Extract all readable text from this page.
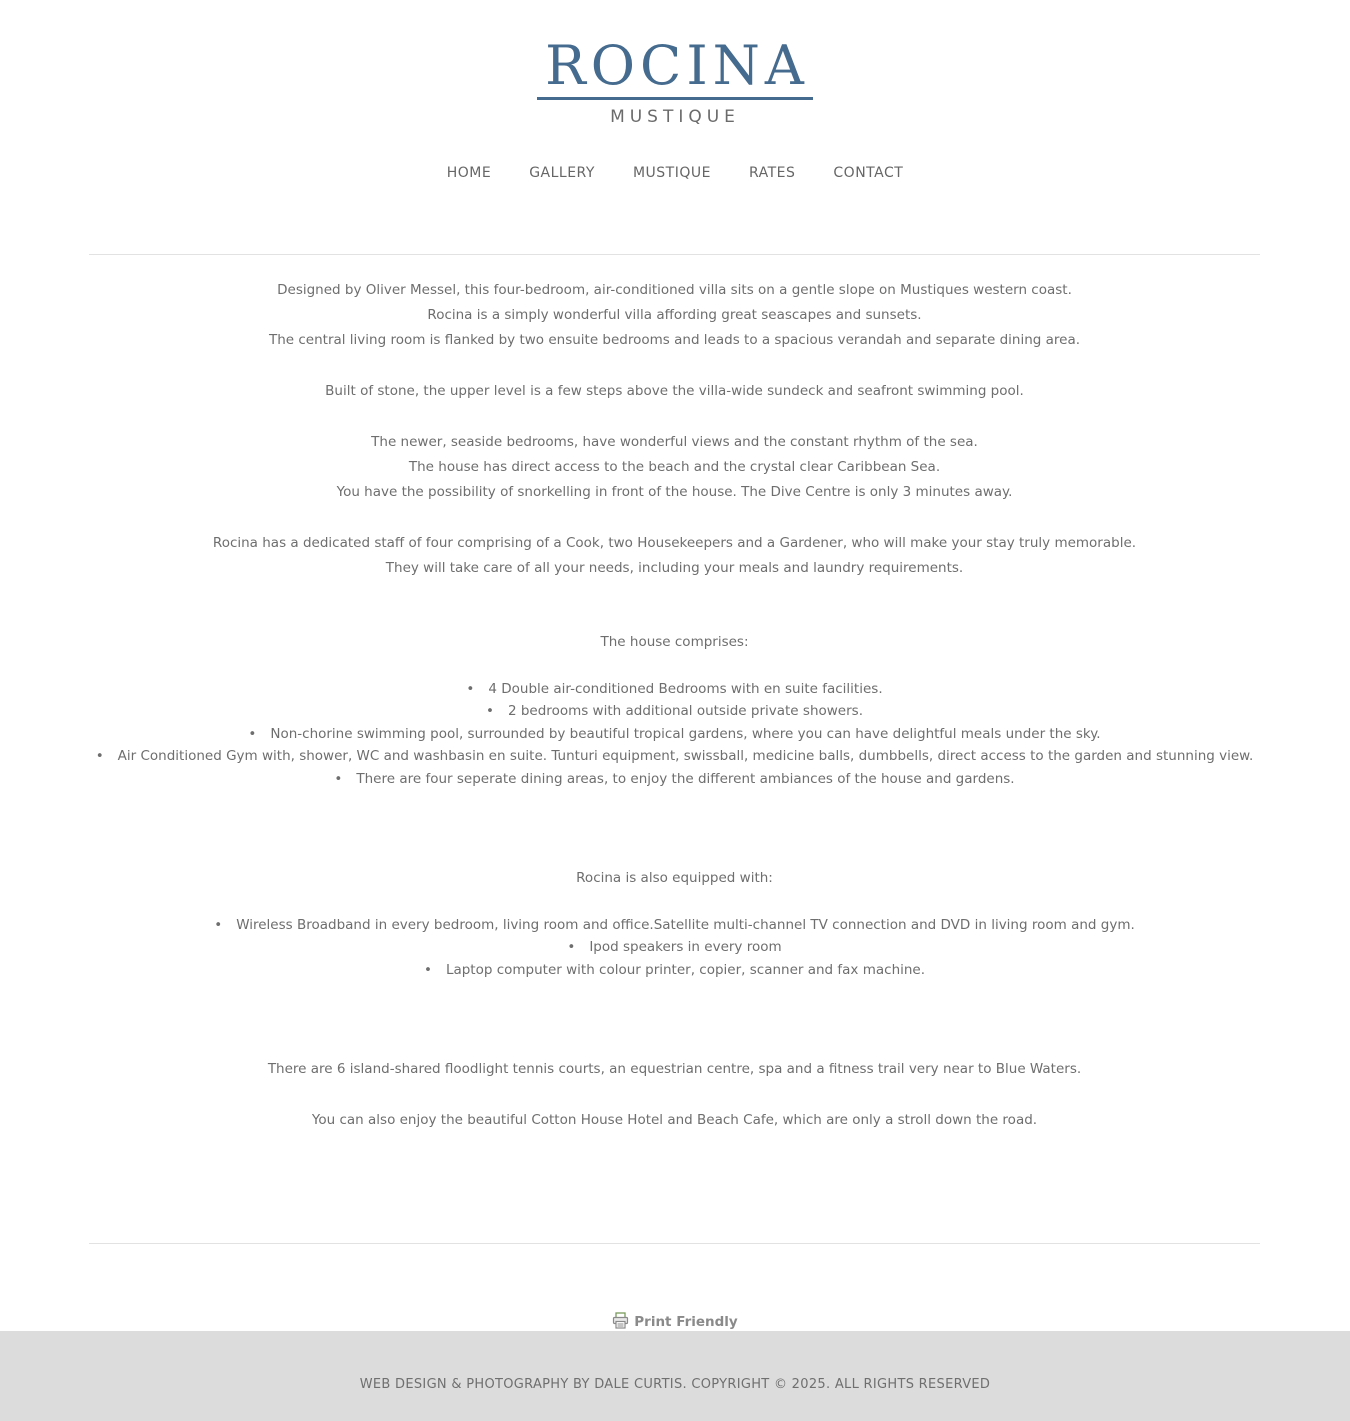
ROCINA
MUSTIQUE
HOME	GALLERY	MUSTIQUE	RATES	CONTACT

Designed by Oliver Messel, this four-bedroom, air-conditioned villa sits on a gentle slope on Mustiques western coast.

Rocina is a simply wonderful villa affording great seascapes and sunsets.

The central living room is flanked by two ensuite bedrooms and leads to a spacious verandah and separate dining area.

Built of stone, the upper level is a few steps above the villa-wide sundeck and seafront swimming pool.

The newer, seaside bedrooms, have wonderful views and the constant rhythm of the sea.

The house has direct access to the beach and the crystal clear Caribbean Sea.

You have the possibility of snorkelling in front of the house. The Dive Centre is only 3 minutes away.

Rocina has a dedicated staff of four comprising of a Cook, two Housekeepers and a Gardener, who will make your stay truly memorable.

They will take care of all your needs, including your meals and laundry requirements.

The house comprises:

• 4 Double air-conditioned Bedrooms with en suite facilities.
• 2 bedrooms with additional outside private showers.
• Non-chorine swimming pool, surrounded by beautiful tropical gardens, where you can have delightful meals under the sky.
• Air Conditioned Gym with, shower, WC and washbasin en suite. Tunturi equipment, swissball, medicine balls, dumbbells, direct access to the garden and stunning view.
• There are four seperate dining areas, to enjoy the different ambiances of the house and gardens.

Rocina is also equipped with:

• Wireless Broadband in every bedroom, living room and office.Satellite multi-channel TV connection and DVD in living room and gym.
• Ipod speakers in every room
• Laptop computer with colour printer, copier, scanner and fax machine.

There are 6 island-shared floodlight tennis courts, an equestrian centre, spa and a fitness trail very near to Blue Waters.

You can also enjoy the beautiful Cotton House Hotel and Beach Cafe, which are only a stroll down the road.

Print Friendly
WEB DESIGN & PHOTOGRAPHY BY DALE CURTIS. COPYRIGHT © 2025. ALL RIGHTS RESERVED
